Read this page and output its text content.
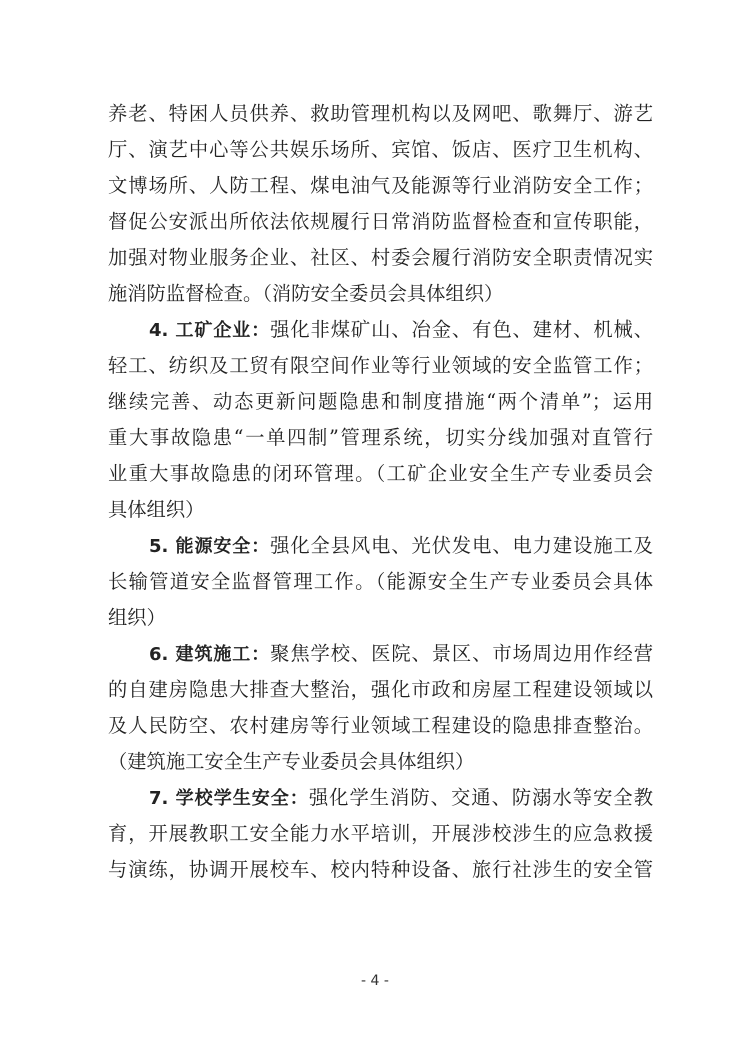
养老、特困人员供养、救助管理机构以及网吧、歌舞厅、游艺
厅、演艺中心等公共娱乐场所、宾馆、饭店、医疗卫生机构、
文博场所、人防工程、煤电油气及能源等行业消防安全工作；
督促公安派出所依法依规履行日常消防监督检查和宣传职能，
加强对物业服务企业、社区、村委会履行消防安全职责情况实
施消防监督检查。（消防安全委员会具体组织）
4. 工矿企业：强化非煤矿山、冶金、有色、建材、机械、
轻工、纺织及工贸有限空间作业等行业领域的安全监管工作；
继续完善、动态更新问题隐患和制度措施“两个清单”；运用
重大事故隐患“一单四制”管理系统，切实分线加强对直管行
业重大事故隐患的闭环管理。（工矿企业安全生产专业委员会
具体组织）
5. 能源安全：强化全县风电、光伏发电、电力建设施工及
长输管道安全监督管理工作。（能源安全生产专业委员会具体
组织）
6. 建筑施工：聚焦学校、医院、景区、市场周边用作经营
的自建房隐患大排查大整治，强化市政和房屋工程建设领域以
及人民防空、农村建房等行业领域工程建设的隐患排查整治。
（建筑施工安全生产专业委员会具体组织）
7. 学校学生安全：强化学生消防、交通、防溺水等安全教
育，开展教职工安全能力水平培训，开展涉校涉生的应急救援
与演练，协调开展校车、校内特种设备、旅行社涉生的安全管
- 4 -
